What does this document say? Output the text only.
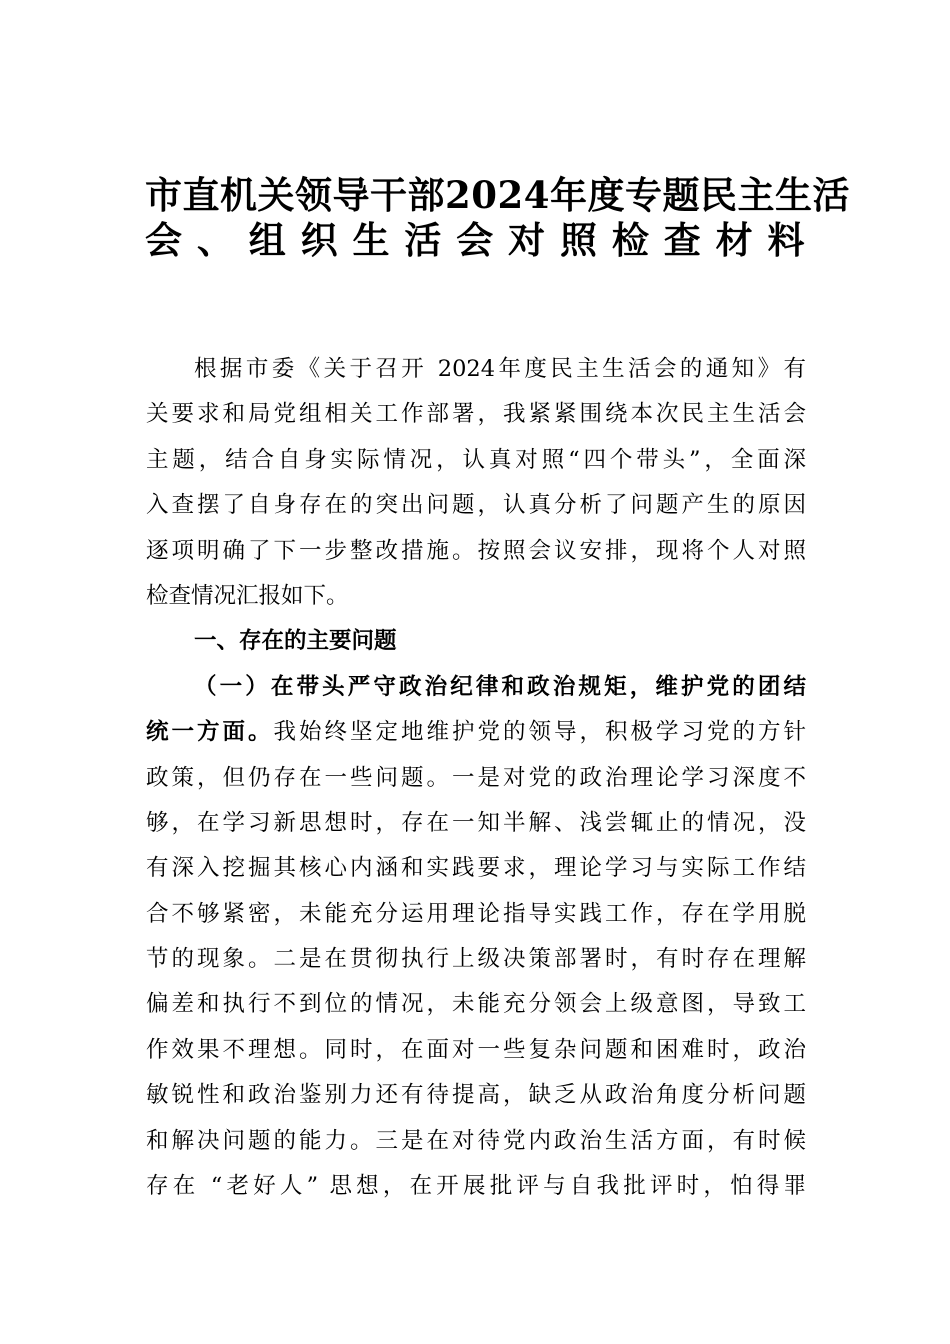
市直机关领导干部2024年度专题民主生活
会、组织生活会对照检查材料
根据市委《关于召开 2024年度民主生活会的通知》有
关要求和局党组相关工作部署，我紧紧围绕本次民主生活会
主题，结合自身实际情况，认真对照“四个带头”，全面深
入查摆了自身存在的突出问题，认真分析了问题产生的原因
逐项明确了下一步整改措施。按照会议安排，现将个人对照
检查情况汇报如下。
一、存在的主要问题
（一）在带头严守政治纪律和政治规矩，维护党的团结
统一方面。我始终坚定地维护党的领导，积极学习党的方针
政策，但仍存在一些问题。一是对党的政治理论学习深度不
够，在学习新思想时，存在一知半解、浅尝辄止的情况，没
有深入挖掘其核心内涵和实践要求，理论学习与实际工作结
合不够紧密，未能充分运用理论指导实践工作，存在学用脱
节的现象。二是在贯彻执行上级决策部署时，有时存在理解
偏差和执行不到位的情况，未能充分领会上级意图，导致工
作效果不理想。同时，在面对一些复杂问题和困难时，政治
敏锐性和政治鉴别力还有待提高，缺乏从政治角度分析问题
和解决问题的能力。三是在对待党内政治生活方面，有时候
存在 “老好人” 思想，在开展批评与自我批评时，怕得罪
